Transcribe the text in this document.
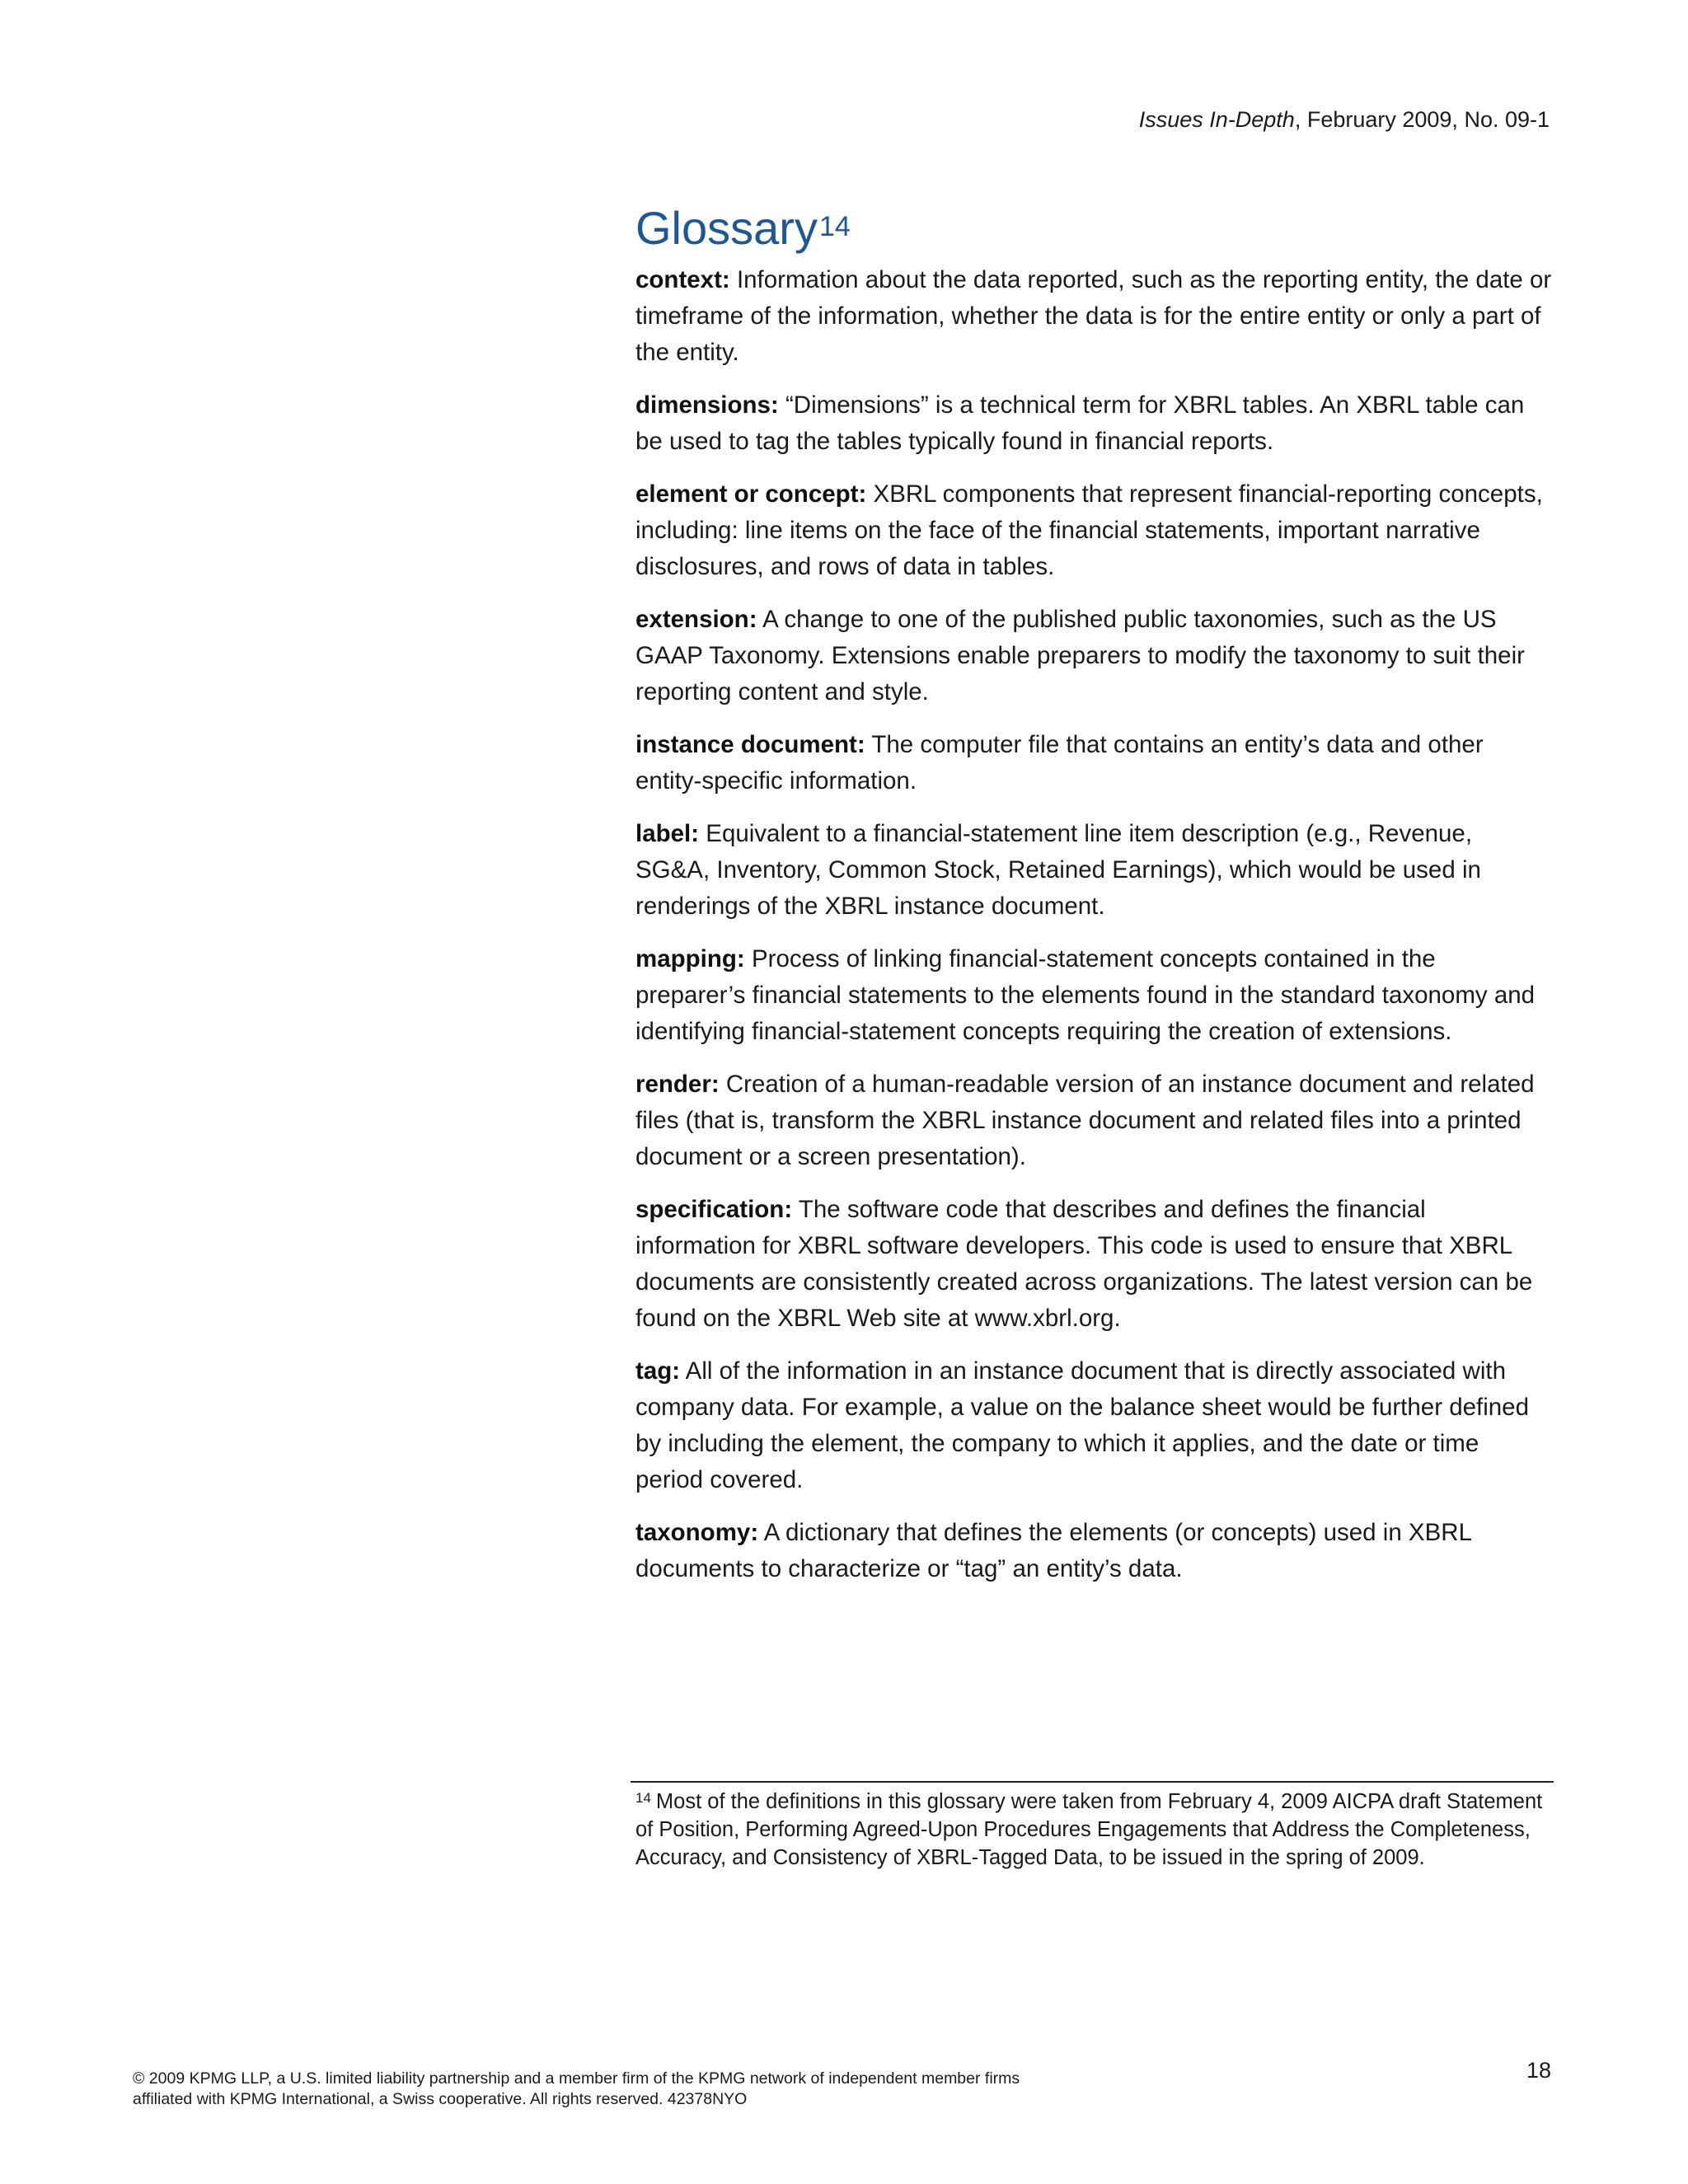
Issues In-Depth, February 2009, No. 09-1
Glossary$^{14}$

context: Information about the data reported, such as the reporting entity, the date or timeframe of the information, whether the data is for the entire entity or only a part of the entity.

dimensions: “Dimensions” is a technical term for XBRL tables. An XBRL table can be used to tag the tables typically found in financial reports.

element or concept: XBRL components that represent financial-reporting concepts, including: line items on the face of the financial statements, important narrative disclosures, and rows of data in tables.

extension: A change to one of the published public taxonomies, such as the US GAAP Taxonomy. Extensions enable preparers to modify the taxonomy to suit their reporting content and style.

instance document: The computer file that contains an entity’s data and other entity-specific information.

label: Equivalent to a financial-statement line item description (e.g., Revenue, SG&A, Inventory, Common Stock, Retained Earnings), which would be used in renderings of the XBRL instance document.

mapping: Process of linking financial-statement concepts contained in the preparer’s financial statements to the elements found in the standard taxonomy and identifying financial-statement concepts requiring the creation of extensions.

render: Creation of a human-readable version of an instance document and related files (that is, transform the XBRL instance document and related files into a printed document or a screen presentation).

specification: The software code that describes and defines the financial information for XBRL software developers. This code is used to ensure that XBRL documents are consistently created across organizations. The latest version can be found on the XBRL Web site at www.xbrl.org.

tag: All of the information in an instance document that is directly associated with company data. For example, a value on the balance sheet would be further defined by including the element, the company to which it applies, and the date or time period covered.

taxonomy: A dictionary that defines the elements (or concepts) used in XBRL documents to characterize or “tag” an entity’s data.

$^{14}$ Most of the definitions in this glossary were taken from February 4, 2009 AICPA draft Statement of Position, Performing Agreed-Upon Procedures Engagements that Address the Completeness, Accuracy, and Consistency of XBRL-Tagged Data, to be issued in the spring of 2009.
© 2009 KPMG LLP, a U.S. limited liability partnership and a member firm of the KPMG network of independent member firms
affiliated with KPMG International, a Swiss cooperative. All rights reserved. 42378NYO
18
